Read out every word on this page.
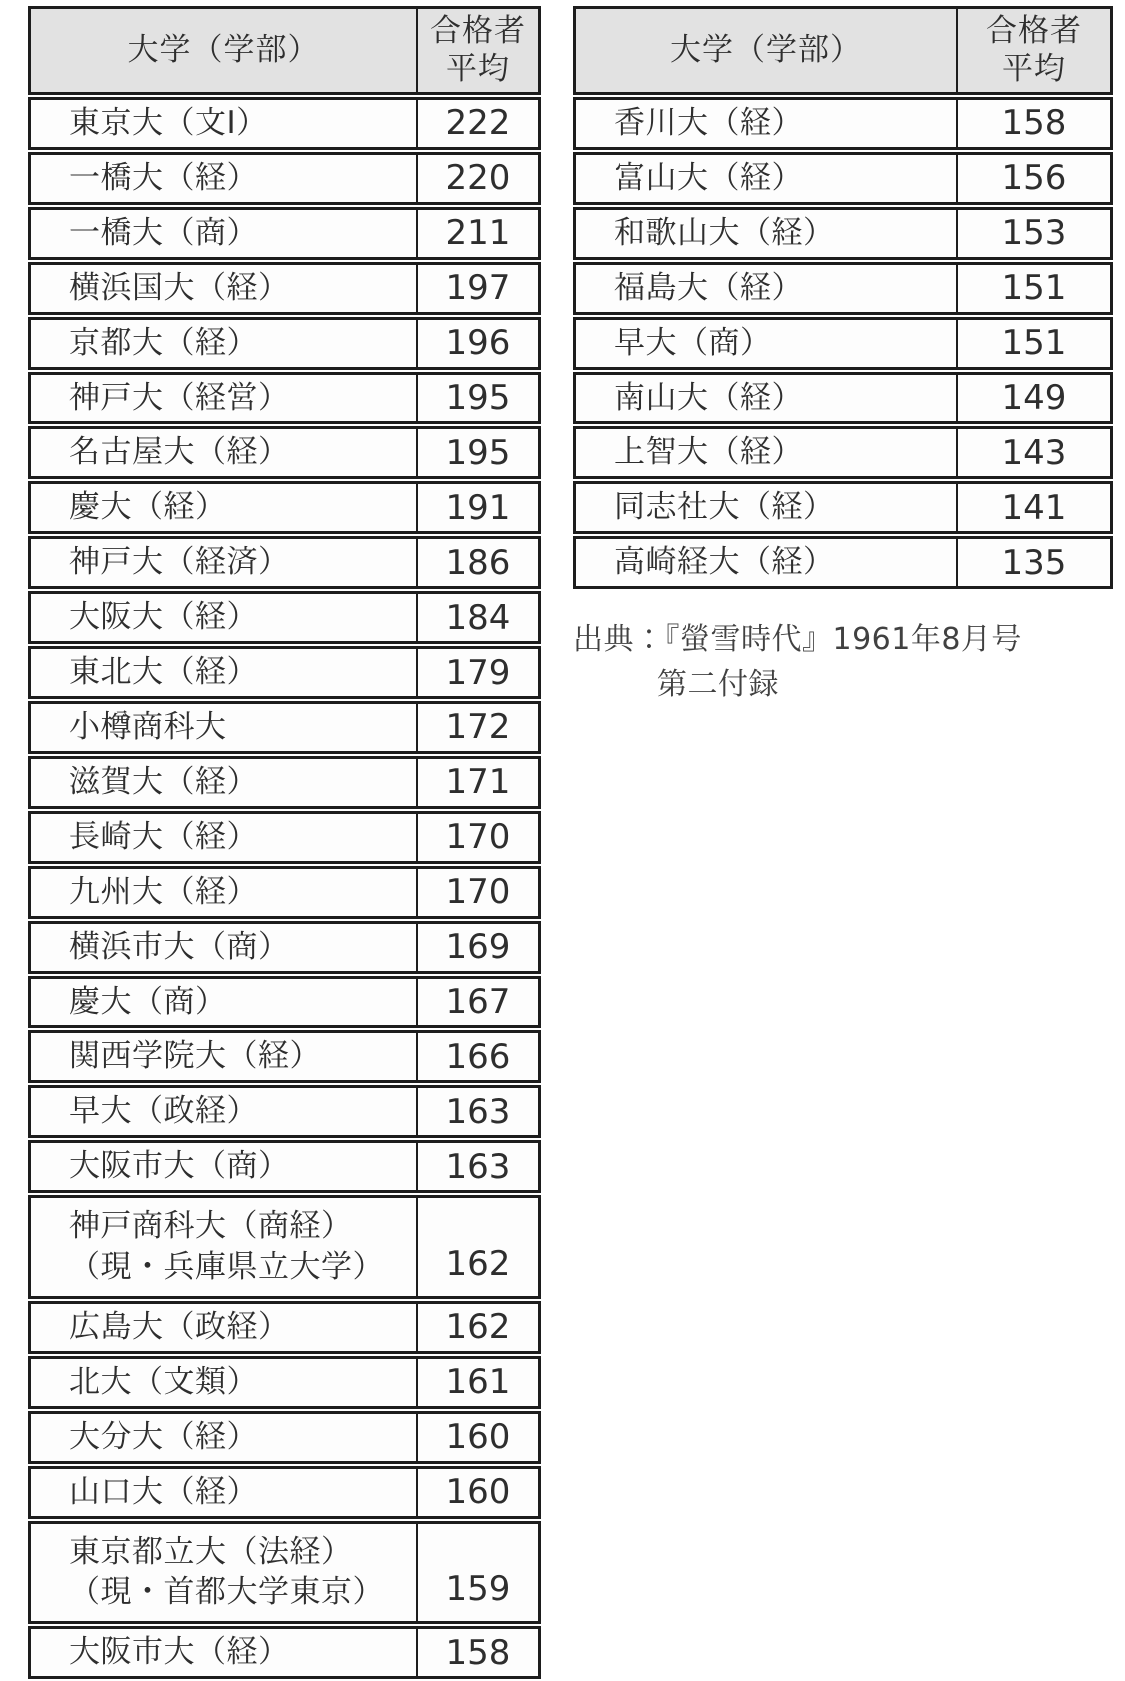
大学（学部）	合格者
平均
東京大（文Ⅰ）	222
一橋大（経）	220
一橋大（商）	211
横浜国大（経）	197
京都大（経）	196
神戸大（経営）	195
名古屋大（経）	195
慶大（経）	191
神戸大（経済）	186
大阪大（経）	184
東北大（経）	179
小樽商科大	172
滋賀大（経）	171
長崎大（経）	170
九州大（経）	170
横浜市大（商）	169
慶大（商）	167
関西学院大（経）	166
早大（政経）	163
大阪市大（商）	163
神戸商科大（商経）
（現・兵庫県立大学）	162
広島大（政経）	162
北大（文類）	161
大分大（経）	160
山口大（経）	160
東京都立大（法経）
（現・首都大学東京）	159
大阪市大（経）	158
大学（学部）	合格者
平均
香川大（経）	158
富山大（経）	156
和歌山大（経）	153
福島大（経）	151
早大（商）	151
南山大（経）	149
上智大（経）	143
同志社大（経）	141
高崎経大（経）	135
出典：『螢雪時代』1961年8月号
第二付録
